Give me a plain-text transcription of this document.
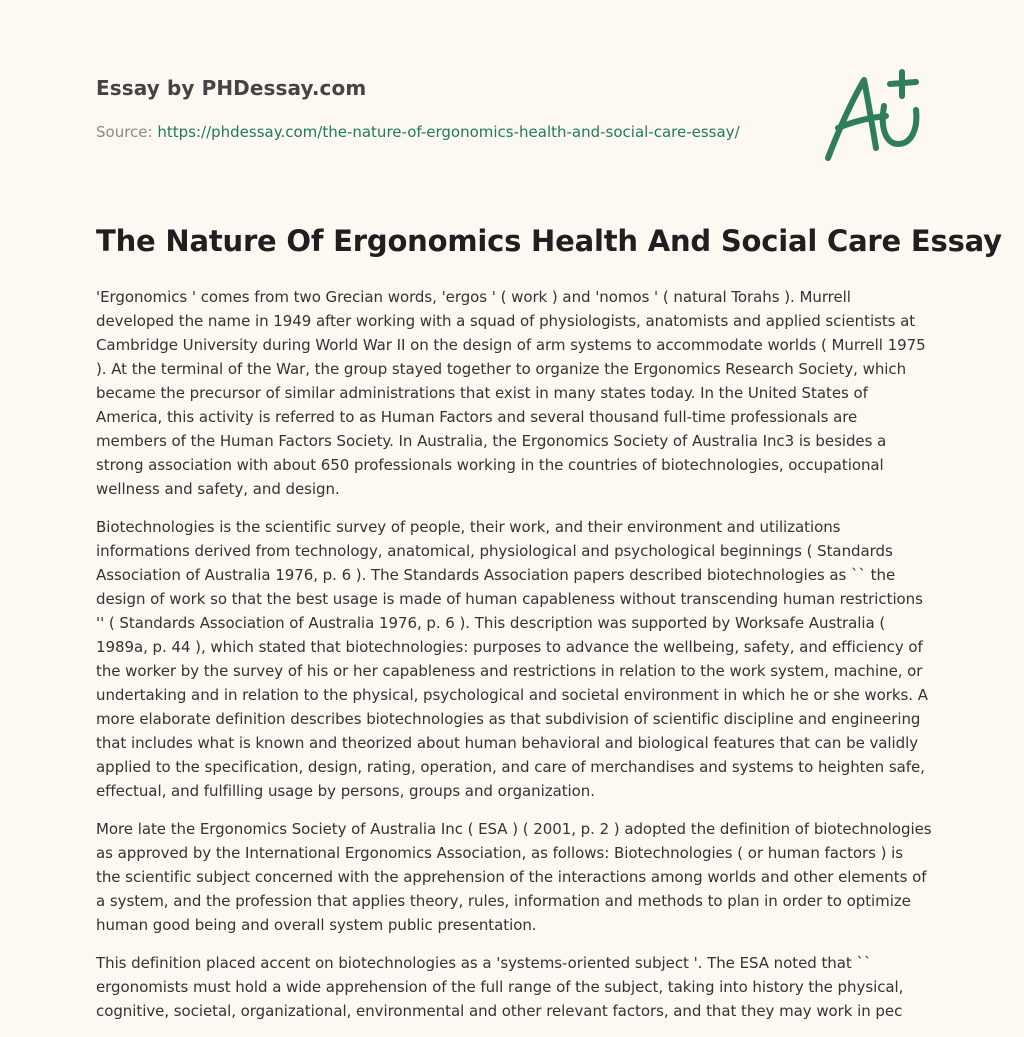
Essay by PHDessay.com

Source: https://phdessay.com/the-nature-of-ergonomics-health-and-social-care-essay/

The Nature Of Ergonomics Health And Social Care Essay

'Ergonomics ' comes from two Grecian words, 'ergos ' ( work ) and 'nomos ' ( natural Torahs ). Murrell developed the name in 1949 after working with a squad of physiologists, anatomists and applied scientists at Cambridge University during World War II on the design of arm systems to accommodate worlds ( Murrell 1975 ). At the terminal of the War, the group stayed together to organize the Ergonomics Research Society, which became the precursor of similar administrations that exist in many states today. In the United States of America, this activity is referred to as Human Factors and several thousand full-time professionals are members of the Human Factors Society. In Australia, the Ergonomics Society of Australia Inc3 is besides a strong association with about 650 professionals working in the countries of biotechnologies, occupational wellness and safety, and design.

Biotechnologies is the scientific survey of people, their work, and their environment and utilizations informations derived from technology, anatomical, physiological and psychological beginnings ( Standards Association of Australia 1976, p. 6 ). The Standards Association papers described biotechnologies as `` the design of work so that the best usage is made of human capableness without transcending human restrictions '' ( Standards Association of Australia 1976, p. 6 ). This description was supported by Worksafe Australia ( 1989a, p. 44 ), which stated that biotechnologies: purposes to advance the wellbeing, safety, and efficiency of the worker by the survey of his or her capableness and restrictions in relation to the work system, machine, or undertaking and in relation to the physical, psychological and societal environment in which he or she works. A more elaborate definition describes biotechnologies as that subdivision of scientific discipline and engineering that includes what is known and theorized about human behavioral and biological features that can be validly applied to the specification, design, rating, operation, and care of merchandises and systems to heighten safe, effectual, and fulfilling usage by persons, groups and organization.

More late the Ergonomics Society of Australia Inc ( ESA ) ( 2001, p. 2 ) adopted the definition of biotechnologies as approved by the International Ergonomics Association, as follows: Biotechnologies ( or human factors ) is the scientific subject concerned with the apprehension of the interactions among worlds and other elements of a system, and the profession that applies theory, rules, information and methods to plan in order to optimize human good being and overall system public presentation.

This definition placed accent on biotechnologies as a 'systems-oriented subject '. The ESA noted that `` ergonomists must hold a wide apprehension of the full range of the subject, taking into history the physical, cognitive, societal, organizational, environmental and other relevant factors, and that they may work in pec
